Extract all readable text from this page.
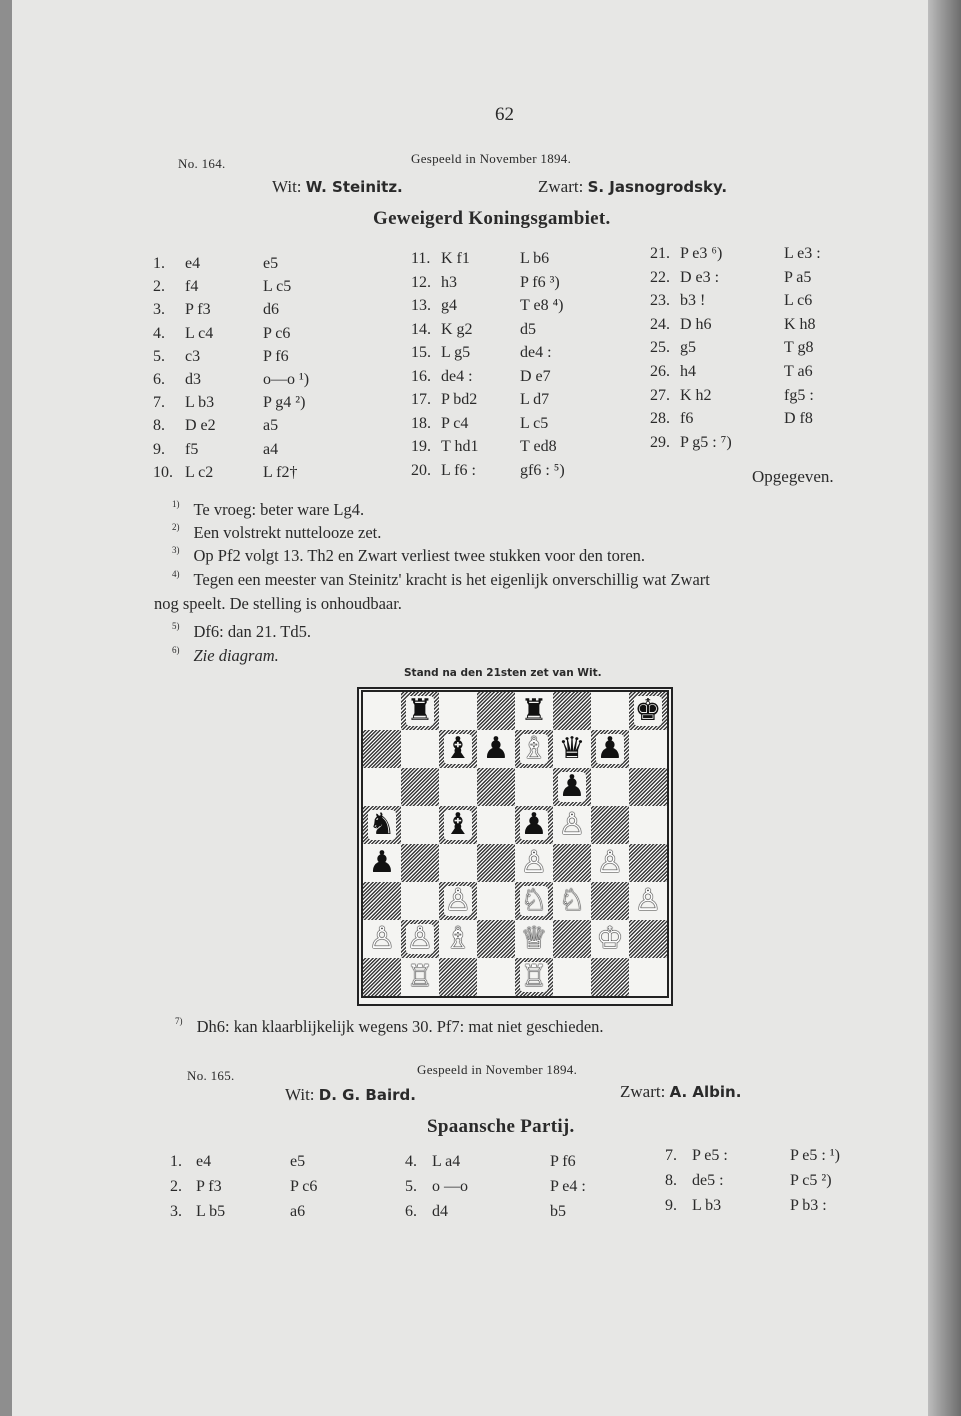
62
No. 164.	Gespeeld in November 1894.
Wit: W. Steinitz.	Zwart: S. Jasnogrodsky.
Geweigerd Koningsgambiet.
1. e4	e5
2. f4	L c5
3. P f3	d6
4. L c4	P c6
5. c3	P f6
6. d3	o—o ¹)
7. L b3	P g4 ²)
8. D e2	a5
9. f5	a4
10. L c2	L f2†
11. K f1	L b6
12. h3	P f6 ³)
13. g4	T e8 ⁴)
14. K g2	d5
15. L g5	de4 :
16. de4 :	D e7
17. P bd2	L d7
18. P c4	L c5
19. T hd1	T ed8
20. L f6 :	gf6 : ⁵)
21. P e3 ⁶)	L e3 :
22. D e3 :	P a5
23. b3 !	L c6
24. D h6	K h8
25. g5	T g8
26. h4	T a6
27. K h2	fg5 :
28. f6	D f8
29. P g5 : ⁷)
Opgegeven.
$^{1)}$ Te vroeg: beter ware Lg4.
$^{2)}$ Een volstrekt nuttelooze zet.
$^{3)}$ Op Pf2 volgt 13. Th2 en Zwart verliest twee stukken voor den toren.
$^{4)}$ Tegen een meester van Steinitz' kracht is het eigenlijk onverschillig wat Zwart
nog speelt. De stelling is onhoudbaar.
$^{5)}$ Df6: dan 21. Td5.
$^{6)}$ Zie diagram.
Stand na den 21sten zet van Wit.
♜	♜	♚
♝ ♟ ♗ ♛ ♟
♟
♞ ♝ ♟ ♙
♟	♙ ♙
♙ ♘ ♘ ♙
♙ ♙ ♗ ♕ ♔
♖	♖
$^{7)}$ Dh6: kan klaarblijkelijk wegens 30. Pf7: mat niet geschieden.
No. 165.	Gespeeld in November 1894.
Wit: D. G. Baird.	Zwart: A. Albin.
Spaansche Partij.
1. e4	e5
2. P f3	P c6
3. L b5	a6
4. L a4	P f6
5. o —o	P e4 :
6. d4	b5
7. P e5 :	P e5 : ¹)
8. de5 :	P c5 ²)
9. L b3	P b3 :
